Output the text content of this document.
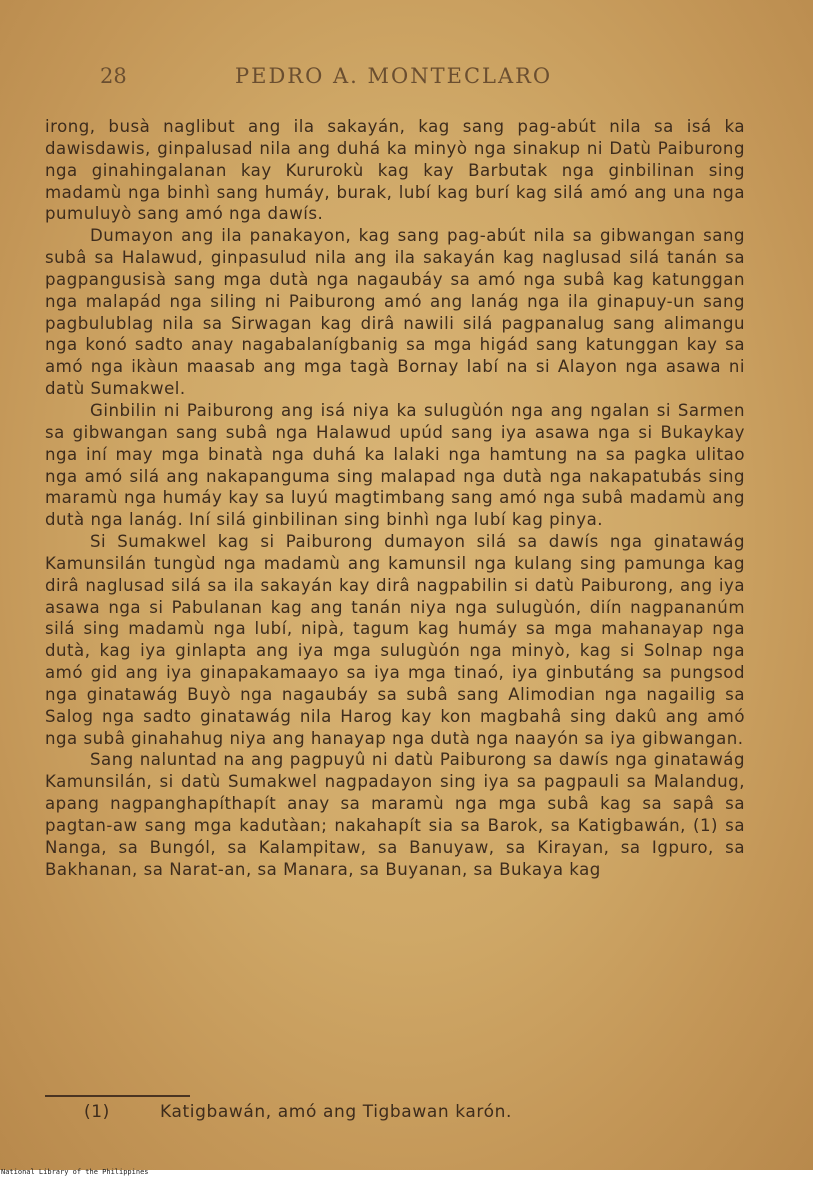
28	PEDRO A. MONTECLARO

irong, busà naglibut ang ila sakayán, kag sang pag-abút nila sa isá ka dawisdawis, ginpalusad nila ang duhá ka minyò nga sinakup ni Datù Paiburong nga ginahingalanan kay Kururokù kag kay Barbutak nga ginbilinan sing madamù nga binhì sang humáy, burak, lubí kag burí kag silá amó ang una nga pumuluyò sang amó nga dawís.

Dumayon ang ila panakayon, kag sang pag-abút nila sa gibwangan sang subâ sa Halawud, ginpasulud nila ang ila sakayán kag naglusad silá tanán sa pagpangusisà sang mga dutà nga nagaubáy sa amó nga subâ kag katunggan nga malapád nga siling ni Paiburong amó ang lanág nga ila ginapuy-un sang pagbulublag nila sa Sirwagan kag dirâ nawili silá pagpanalug sang alimangu nga konó sadto anay nagabalanígbanig sa mga higád sang katunggan kay sa amó nga ikàun maasab ang mga tagà Bornay labí na si Alayon nga asawa ni datù Sumakwel.

Ginbilin ni Paiburong ang isá niya ka sulugùón nga ang ngalan si Sarmen sa gibwangan sang subâ nga Halawud upúd sang iya asawa nga si Bukaykay nga iní may mga binatà nga duhá ka lalaki nga hamtung na sa pagka ulitao nga amó silá ang nakapanguma sing malapad nga dutà nga nakapatubás sing maramù nga humáy kay sa luyú magtimbang sang amó nga subâ madamù ang dutà nga lanág. Iní silá ginbilinan sing binhì nga lubí kag pinya.

Si Sumakwel kag si Paiburong dumayon silá sa dawís nga ginatawág Kamunsilán tungùd nga madamù ang kamunsil nga kulang sing pamunga kag dirâ naglusad silá sa ila sakayán kay dirâ nagpabilin si datù Paiburong, ang iya asawa nga si Pabulanan kag ang tanán niya nga sulugùón, diín nagpananúm silá sing madamù nga lubí, nipà, tagum kag humáy sa mga mahanayap nga dutà, kag iya ginlapta ang iya mga sulugùón nga minyò, kag si Solnap nga amó gid ang iya ginapakamaayo sa iya mga tinaó, iya ginbutáng sa pungsod nga ginatawág Buyò nga nagaubáy sa subâ sang Alimodian nga nagailig sa Salog nga sadto ginatawág nila Harog kay kon magbahâ sing dakû ang amó nga subâ ginahahug niya ang hanayap nga dutà nga naayón sa iya gibwangan.

Sang naluntad na ang pagpuyû ni datù Paiburong sa dawís nga ginatawág Kamunsilán, si datù Sumakwel nagpadayon sing iya sa pagpauli sa Malandug, apang nagpanghapíthapít anay sa maramù nga mga subâ kag sa sapâ sa pagtan-aw sang mga kadutàan; nakahapít sia sa Barok, sa Katigbawán, (1) sa Nanga, sa Bungól, sa Kalampitaw, sa Banuyaw, sa Kirayan, sa Igpuro, sa Bakhanan, sa Narat-an, sa Manara, sa Buyanan, sa Bukaya kag

(1)	Katigbawán, amó ang Tigbawan karón.
National Library of the Philippines
